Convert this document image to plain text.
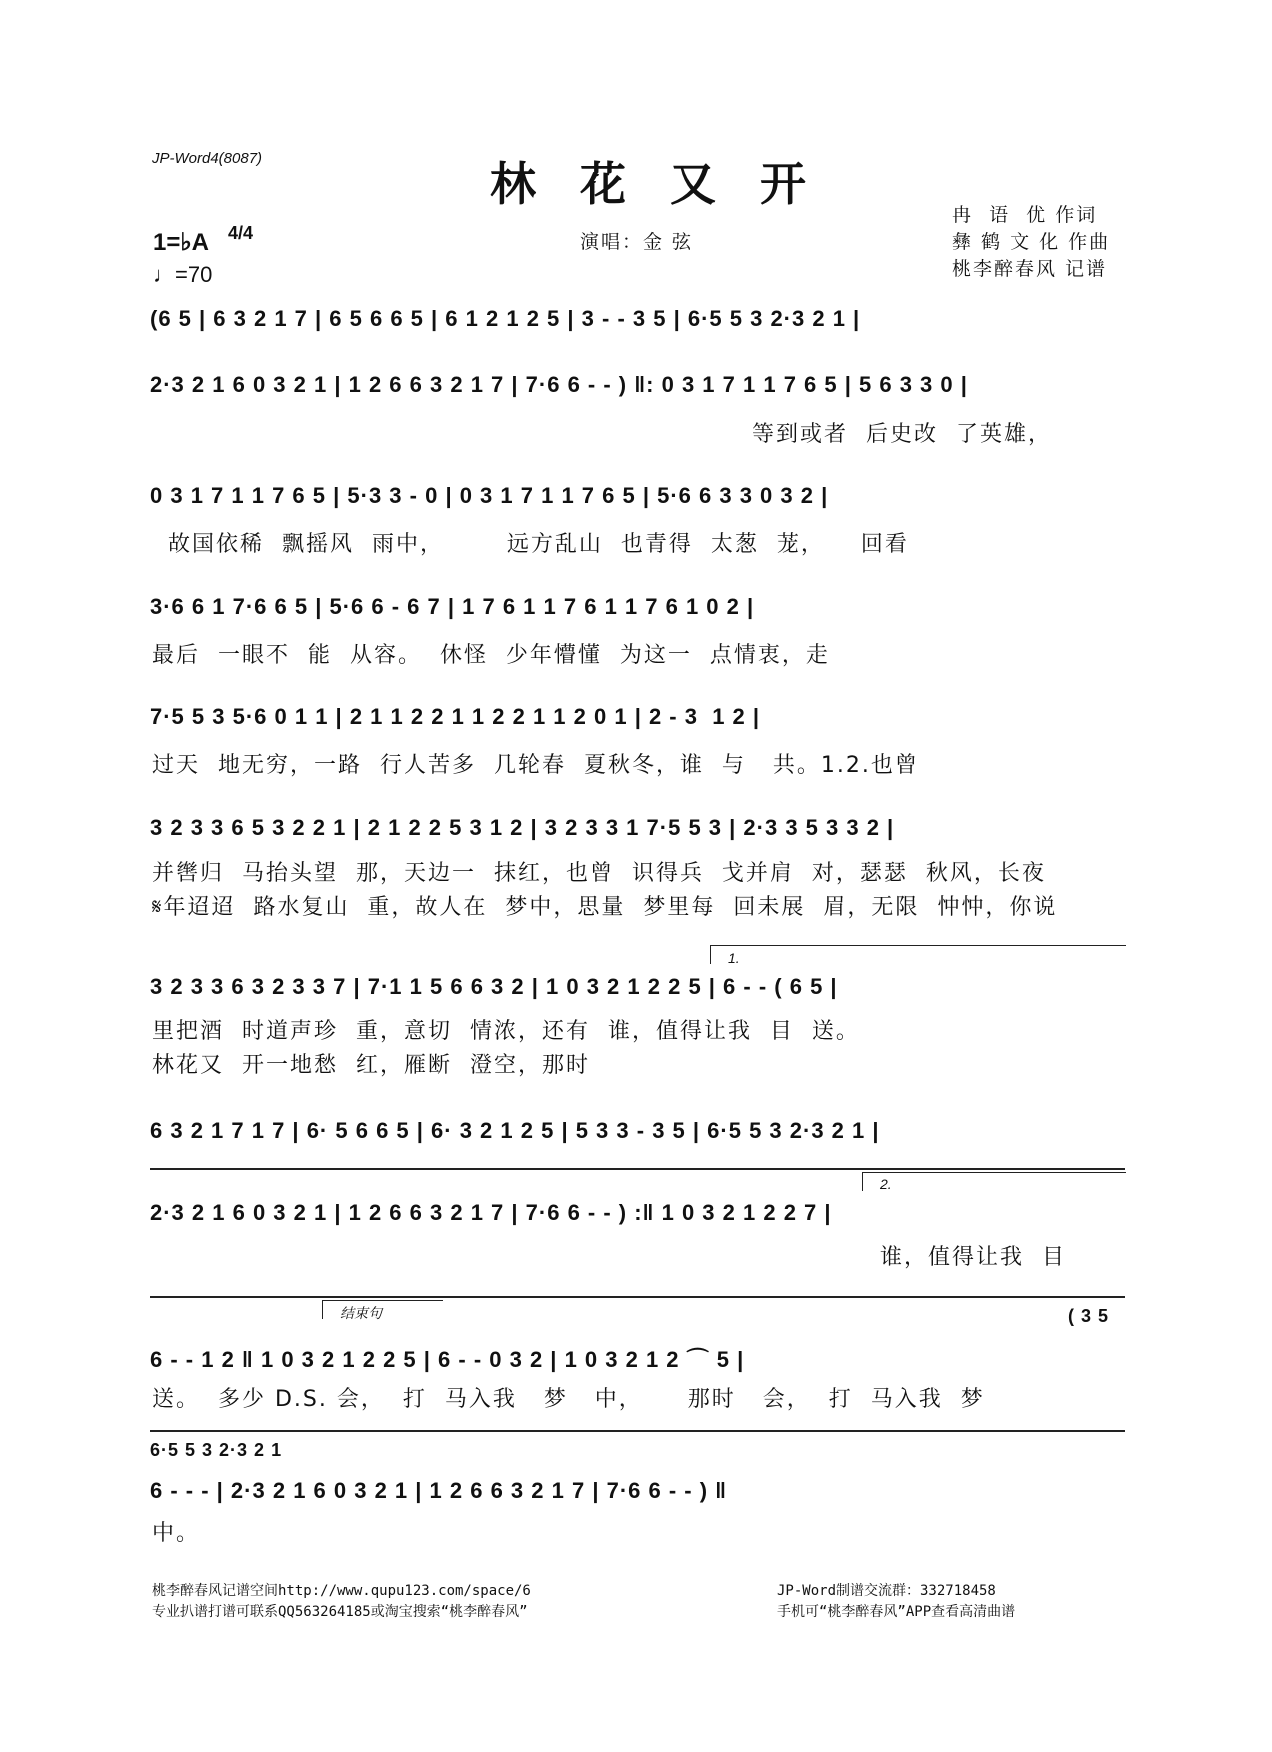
JP-Word4(8087)	林 花 又 开
演唱：金 弦
冉  语  优 作词
彝 鹤 文 化 作曲
桃李醉春风 记谱
1=♭A 4/4
♩=70
(6 5 | 6 3 2 1 7 | 6 5 6 6 5 | 6 1 2 1 2 5 | 3 - - 3 5 | 6·5 5 3 2·3 2 1 |
2·3 2 1 6 0 3 2 1 | 1 2 6 6 3 2 1 7 | 7·6 6 - - ) ‖: 0 3 1 7 1 1 7 6 5 | 5 6 3 3 0 |
等到或者  后史改  了英雄，
0 3 1 7 1 1 7 6 5 | 5·3 3 - 0 | 0 3 1 7 1 1 7 6 5 | 5·6 6 3 3 0 3 2 |
故国依稀  飘摇风  雨中，       远方乱山  也青得  太葱  茏，    回看
3·6 6 1 7·6 6 5 | 5·6 6 - 6 7 | 1 7 6 1 1 7 6 1 1 7 6 1 0 2 |
最后  一眼不  能  从容。  休怪  少年懵懂  为这一  点情衷，走
7·5 5 3 5·6 0 1 1 | 2 1 1 2 2 1 1 2 2 1 1 2 0 1 | 2 - 3  1 2 |
过天  地无穷，一路  行人苦多  几轮春  夏秋冬，谁  与   共。1.2.也曾
3 2 3 3 6 5 3 2 2 1 | 2 1 2 2 5 3 1 2 | 3 2 3 3 1 7·5 5 3 | 2·3 3 5 3 3 2 |
并辔归  马抬头望  那，天边一  抹红，也曾  识得兵  戈并肩  对，瑟瑟  秋风，长夜
𝄋年迢迢  路水复山  重，故人在  梦中，思量  梦里每  回未展  眉，无限  忡忡，你说
1.
3 2 3 3 6 3 2 3 3 7 | 7·1 1 5 6 6 3 2 | 1 0 3 2 1 2 2 5 | 6 - - ( 6 5 |
里把酒  时道声珍  重，意切  情浓，还有  谁，值得让我  目  送。
林花又  开一地愁  红，雁断  澄空，那时
6 3 2 1 7 1 7 | 6· 5 6 6 5 | 6· 3 2 1 2 5 | 5 3 3 - 3 5 | 6·5 5 3 2·3 2 1 |
2.
2·3 2 1 6 0 3 2 1 | 1 2 6 6 3 2 1 7 | 7·6 6 - - ) :‖ 1 0 3 2 1 2 2 7 |
谁，值得让我  目
结束句	( 3 5
6 - - 1 2 ‖ 1 0 3 2 1 2 2 5 | 6 - - 0 3 2 | 1 0 3 2 1 2 ⌒ 5 |
送。  多少 D.S. 会，  打  马入我   梦   中，     那时   会，  打  马入我  梦
6·5 5 3 2·3 2 1
6 - - - | 2·3 2 1 6 0 3 2 1 | 1 2 6 6 3 2 1 7 | 7·6 6 - - ) ‖
中。
桃李醉春风记谱空间http://www.qupu123.com/space/6
专业扒谱打谱可联系QQ563264185或淘宝搜索“桃李醉春风”
JP-Word制谱交流群：332718458
手机可“桃李醉春风”APP查看高清曲谱
